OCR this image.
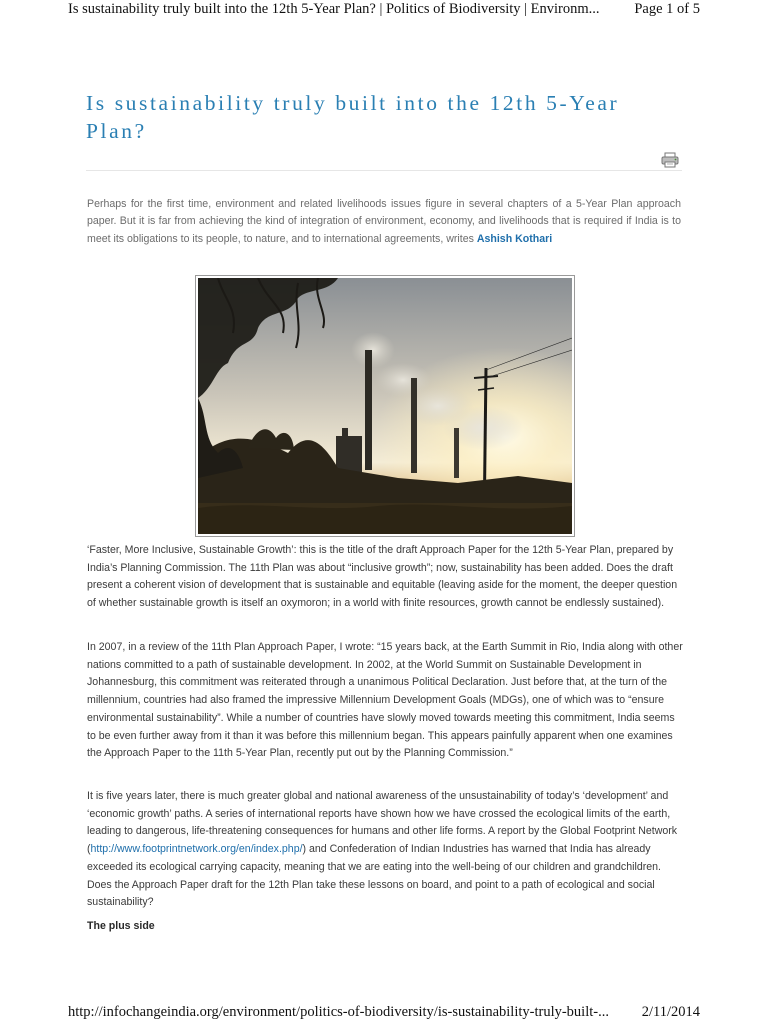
Is sustainability truly built into the 12th 5-Year Plan? | Politics of Biodiversity | Environm... Page 1 of 5
Is sustainability truly built into the 12th 5-Year Plan?

Perhaps for the first time, environment and related livelihoods issues figure in several chapters of a 5-Year Plan approach paper. But it is far from achieving the kind of integration of environment, economy, and livelihoods that is required if India is to meet its obligations to its people, to nature, and to international agreements, writes Ashish Kothari

‘Faster, More Inclusive, Sustainable Growth’: this is the title of the draft Approach Paper for the 12th 5-Year Plan, prepared by India’s Planning Commission. The 11th Plan was about “inclusive growth”; now, sustainability has been added. Does the draft present a coherent vision of development that is sustainable and equitable (leaving aside for the moment, the deeper question of whether sustainable growth is itself an oxymoron; in a world with finite resources, growth cannot be endlessly sustained).

In 2007, in a review of the 11th Plan Approach Paper, I wrote: “15 years back, at the Earth Summit in Rio, India along with other nations committed to a path of sustainable development. In 2002, at the World Summit on Sustainable Development in Johannesburg, this commitment was reiterated through a unanimous Political Declaration. Just before that, at the turn of the millennium, countries had also framed the impressive Millennium Development Goals (MDGs), one of which was to “ensure environmental sustainability”. While a number of countries have slowly moved towards meeting this commitment, India seems to be even further away from it than it was before this millennium began. This appears painfully apparent when one examines the Approach Paper to the 11th 5-Year Plan, recently put out by the Planning Commission.”

It is five years later, there is much greater global and national awareness of the unsustainability of today’s ‘development’ and ‘economic growth’ paths. A series of international reports have shown how we have crossed the ecological limits of the earth, leading to dangerous, life-threatening consequences for humans and other life forms. A report by the Global Footprint Network (http://www.footprintnetwork.org/en/index.php/) and Confederation of Indian Industries has warned that India has already exceeded its ecological carrying capacity, meaning that we are eating into the well-being of our children and grandchildren. Does the Approach Paper draft for the 12th Plan take these lessons on board, and point to a path of ecological and social sustainability?

The plus side

http://infochangeindia.org/environment/politics-of-biodiversity/is-sustainability-truly-built-... 2/11/2014
